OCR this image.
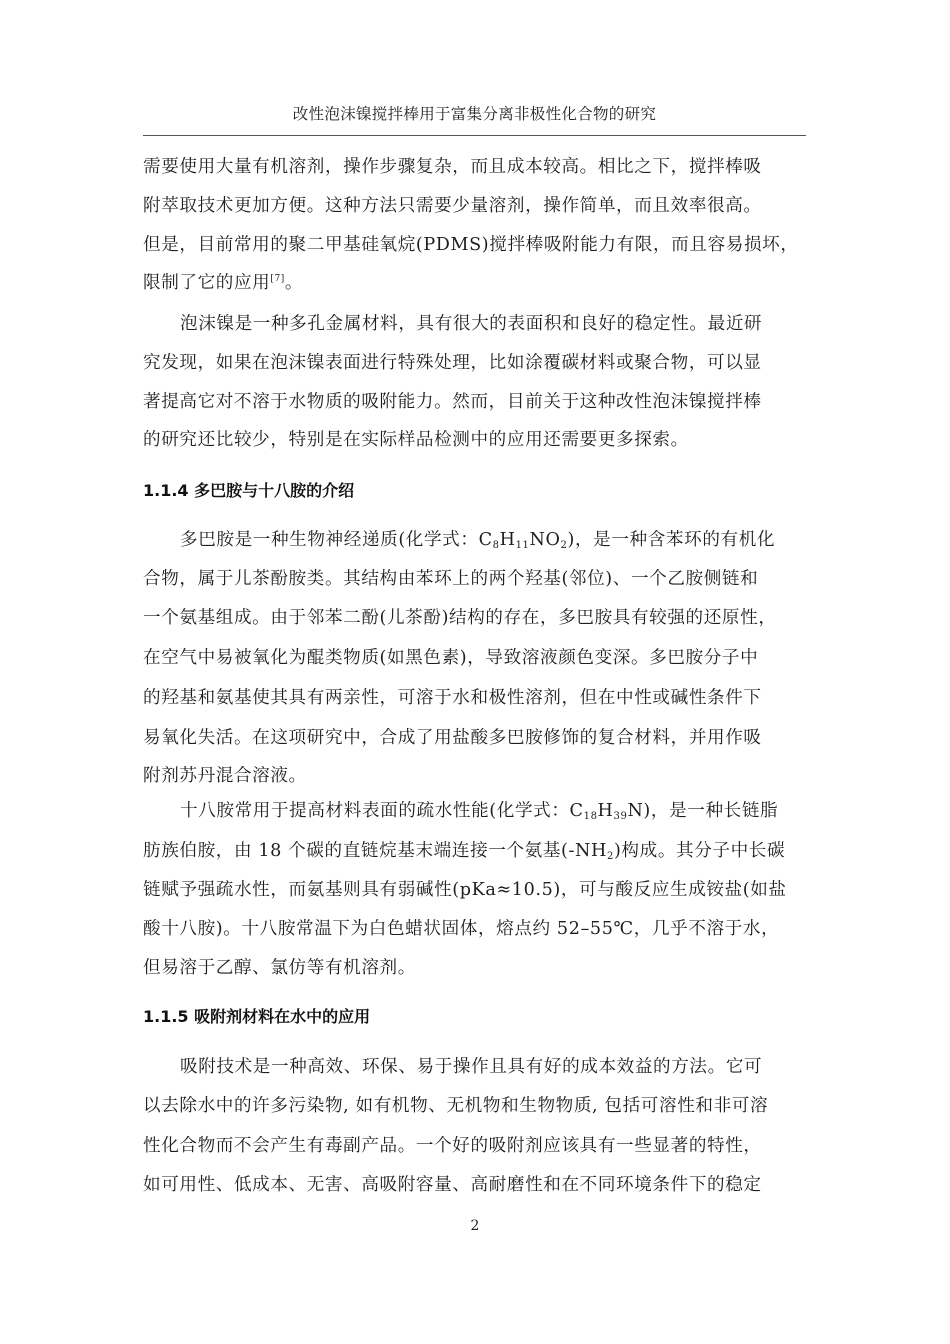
改性泡沫镍搅拌棒用于富集分离非极性化合物的研究
需要使用大量有机溶剂，操作步骤复杂，而且成本较高。相比之下，搅拌棒吸
附萃取技术更加方便。这种方法只需要少量溶剂，操作简单，而且效率很高。
但是，目前常用的聚二甲基硅氧烷(PDMS)搅拌棒吸附能力有限，而且容易损坏，
限制了它的应用[7]。
泡沫镍是一种多孔金属材料，具有很大的表面积和良好的稳定性。最近研
究发现，如果在泡沫镍表面进行特殊处理，比如涂覆碳材料或聚合物，可以显
著提高它对不溶于水物质的吸附能力。然而，目前关于这种改性泡沫镍搅拌棒
的研究还比较少，特别是在实际样品检测中的应用还需要更多探索。
1.1.4 多巴胺与十八胺的介绍
多巴胺是一种生物神经递质(化学式：$C_8H_{11}NO_2$)，是一种含苯环的有机化
合物，属于儿茶酚胺类。其结构由苯环上的两个羟基(邻位)、一个乙胺侧链和
一个氨基组成。由于邻苯二酚(儿茶酚)结构的存在，多巴胺具有较强的还原性，
在空气中易被氧化为醌类物质(如黑色素)，导致溶液颜色变深。多巴胺分子中
的羟基和氨基使其具有两亲性，可溶于水和极性溶剂，但在中性或碱性条件下
易氧化失活。在这项研究中，合成了用盐酸多巴胺修饰的复合材料，并用作吸
附剂苏丹混合溶液。
十八胺常用于提高材料表面的疏水性能(化学式：$C_{18}H_{39}N$)，是一种长链脂
肪族伯胺，由 18 个碳的直链烷基末端连接一个氨基$(-NH_2)$构成。其分子中长碳
链赋予强疏水性，而氨基则具有弱碱性(pKa≈10.5)，可与酸反应生成铵盐(如盐
酸十八胺)。十八胺常温下为白色蜡状固体，熔点约 52–55℃，几乎不溶于水，
但易溶于乙醇、氯仿等有机溶剂。
1.1.5 吸附剂材料在水中的应用
吸附技术是一种高效、环保、易于操作且具有好的成本效益的方法。它可
以去除水中的许多污染物, 如有机物、无机物和生物物质, 包括可溶性和非可溶
性化合物而不会产生有毒副产品。一个好的吸附剂应该具有一些显著的特性，
如可用性、低成本、无害、高吸附容量、高耐磨性和在不同环境条件下的稳定
2
